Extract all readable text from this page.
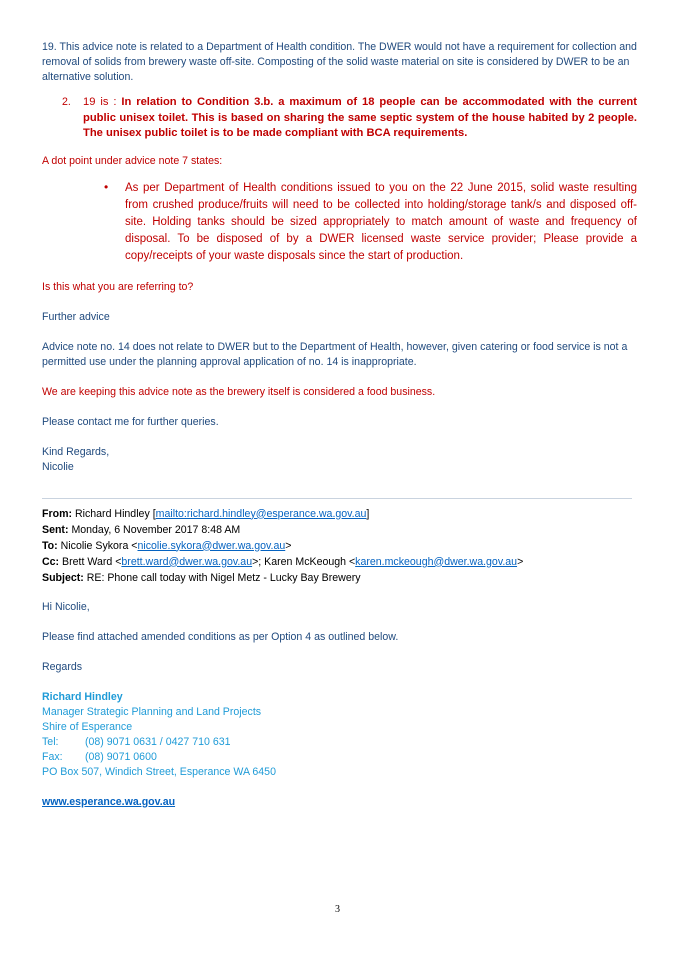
19. This advice note is related to a Department of Health condition. The DWER would not have a requirement for collection and removal of solids from brewery waste off-site. Composting of the solid waste material on site is considered by DWER to be an alternative solution.

2. 19 is : In relation to Condition 3.b. a maximum of 18 people can be accommodated with the current public unisex toilet. This is based on sharing the same septic system of the house habited by 2 people. The unisex public toilet is to be made compliant with BCA requirements.

A dot point under advice note 7 states:

• As per Department of Health conditions issued to you on the 22 June 2015, solid waste resulting from crushed produce/fruits will need to be collected into holding/storage tank/s and disposed off-site. Holding tanks should be sized appropriately to match amount of waste and frequency of disposal. To be disposed of by a DWER licensed waste service provider; Please provide a copy/receipts of your waste disposals since the start of production.

Is this what you are referring to?

Further advice

Advice note no. 14 does not relate to DWER but to the Department of Health, however, given catering or food service is not a permitted use under the planning approval application of no. 14 is inappropriate.

We are keeping this advice note as the brewery itself is considered a food business.

Please contact me for further queries.

Kind Regards,

Nicolie

From: Richard Hindley [mailto:richard.hindley@esperance.wa.gov.au]

Sent: Monday, 6 November 2017 8:48 AM

To: Nicolie Sykora <nicolie.sykora@dwer.wa.gov.au>

Cc: Brett Ward <brett.ward@dwer.wa.gov.au>; Karen McKeough <karen.mckeough@dwer.wa.gov.au>

Subject: RE: Phone call today with Nigel Metz - Lucky Bay Brewery

Hi Nicolie,

Please find attached amended conditions as per Option 4 as outlined below.

Regards

Richard Hindley

Manager Strategic Planning and Land Projects

Shire of Esperance

Tel:	(08) 9071 0631 / 0427 710 631

Fax: (08) 9071 0600

PO Box 507, Windich Street, Esperance WA 6450

www.esperance.wa.gov.au

3
